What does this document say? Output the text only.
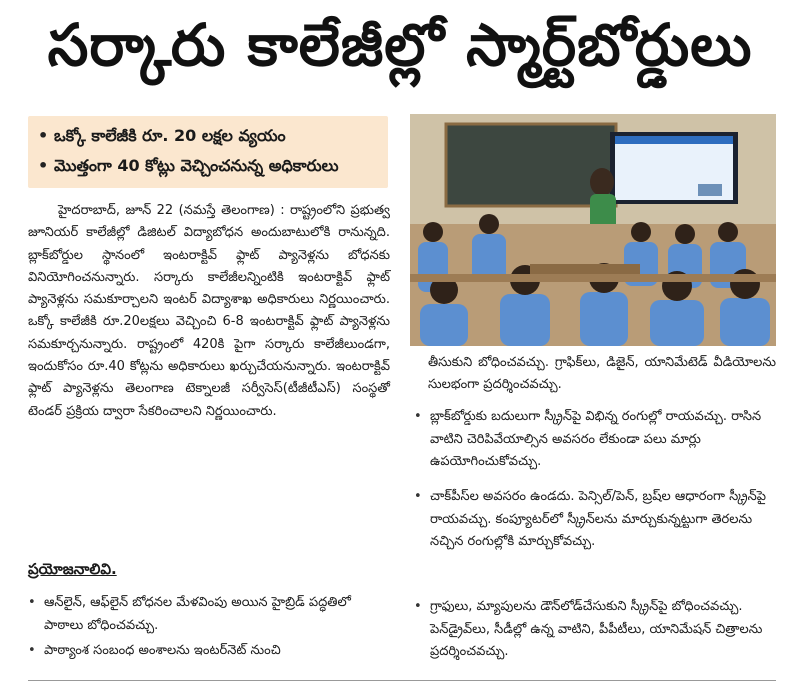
సర్కారు కాలేజీల్లో స్మార్ట్‌బోర్డులు
• ఒక్కో కాలేజీకి రూ. 20 లక్షల వ్యయం
• మొత్తంగా 40 కోట్లు వెచ్చించనున్న అధికారులు

హైదరాబాద్, జూన్ 22 (నమస్తే తెలంగాణ) : రాష్ట్రంలోని ప్రభుత్వ జూనియర్ కాలేజీల్లో డిజిటల్ విద్యాబోధన అందుబాటులోకి రానున్నది. బ్లాక్‌బోర్డుల స్థానంలో ఇంటరాక్టివ్ ఫ్లాట్ ప్యానెళ్లను బోధనకు వినియోగించనున్నారు. సర్కారు కాలేజీలన్నింటికి ఇంటరాక్టివ్ ఫ్లాట్ ప్యానెళ్లను సమకూర్చాలని ఇంటర్ విద్యాశాఖ అధికారులు నిర్ణయించారు. ఒక్కో కాలేజీకి రూ.20లక్షలు వెచ్చించి 6-8 ఇంటరాక్టివ్ ఫ్లాట్ ప్యానెళ్లను సమకూర్చనున్నారు. రాష్ట్రంలో 420కి పైగా సర్కారు కాలేజీలుండగా, ఇందుకోసం రూ.40 కోట్లను అధికారులు ఖర్చుచేయనున్నారు. ఇంటరాక్టివ్ ఫ్లాట్ ప్యానెళ్లను తెలంగాణ టెక్నాలజీ సర్వీసెస్(టీజీటీఎస్) సంస్థతో టెండర్ ప్రక్రియ ద్వారా సేకరించాలని నిర్ణయించారు.

ప్రయోజనాలివి.
• ఆన్‌లైన్, ఆఫ్‌లైన్ బోధనల మేళవింపు అయిన హైబ్రిడ్ పద్ధతిలో పాఠాలు బోధించవచ్చు.
• పాఠ్యాంశ సంబంధ అంశాలను ఇంటర్‌నెట్ నుంచి
తీసుకుని బోధించవచ్చు. గ్రాఫిక్‌లు, డిజైన్, యానిమేటెడ్ వీడియోలను సులభంగా ప్రదర్శించవచ్చు.
• బ్లాక్‌బోర్డుకు బదులుగా స్క్రీన్‌పై విభిన్న రంగుల్లో రాయవచ్చు. రాసిన వాటిని చెరిపివేయాల్సిన అవసరం లేకుండా పలు మార్లు ఉపయోగించుకోవచ్చు.
• చాక్‌పీస్‌ల అవసరం ఉండదు. పెన్సిల్/పెన్, బ్రష్‌ల ఆధారంగా స్క్రీన్‌పై రాయవచ్చు. కంప్యూటర్‌లో స్క్రీన్‌లను మార్చుకున్నట్టుగా తెరలను నచ్చిన రంగుల్లోకి మార్చుకోవచ్చు.
• గ్రాఫులు, మ్యాపులను డౌన్‌లోడ్‌చేసుకుని స్క్రీన్‌పై బోధించవచ్చు. పెన్‌డ్రైవ్‌లు, సీడీల్లో ఉన్న వాటిని, పీపీటీలు, యానిమేషన్ చిత్రాలను ప్రదర్శించవచ్చు.
